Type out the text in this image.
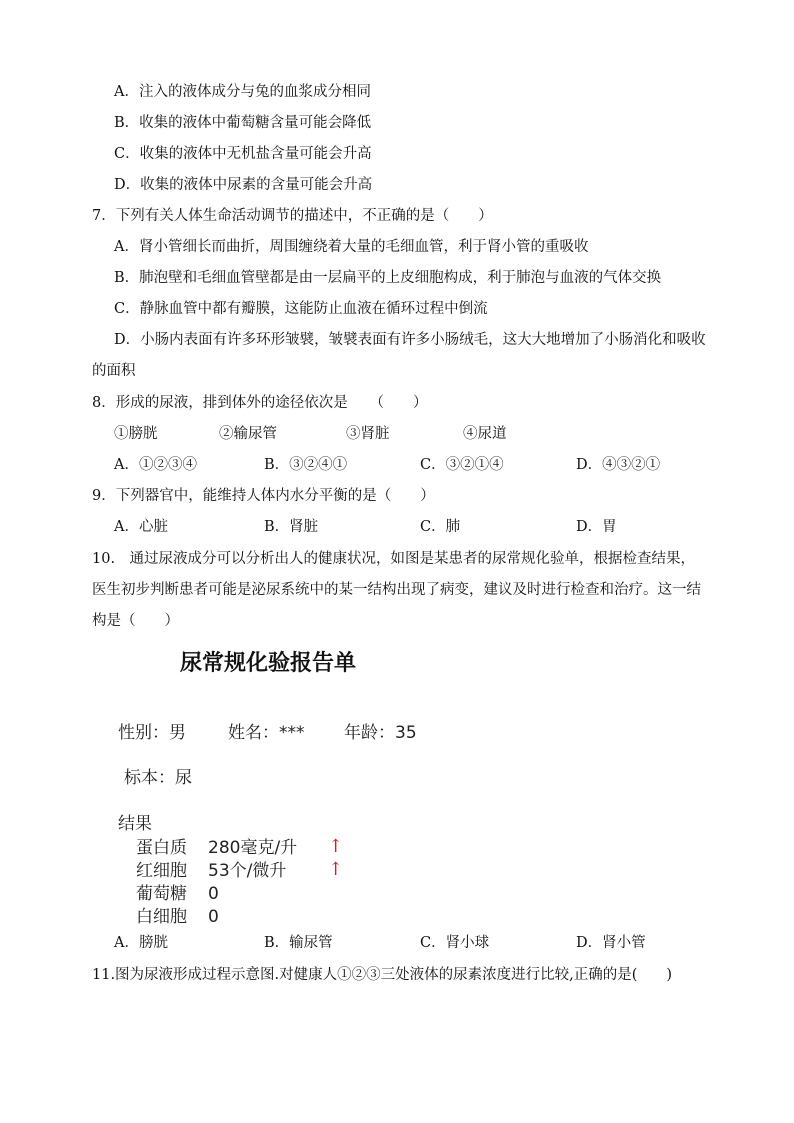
A．注入的液体成分与兔的血浆成分相同
B．收集的液体中葡萄糖含量可能会降低
C．收集的液体中无机盐含量可能会升高
D．收集的液体中尿素的含量可能会升高
7．下列有关人体生命活动调节的描述中，不正确的是（　　）
A．肾小管细长而曲折，周围缠绕着大量的毛细血管，利于肾小管的重吸收
B．肺泡壁和毛细血管壁都是由一层扁平的上皮细胞构成，利于肺泡与血液的气体交换
C．静脉血管中都有瓣膜，这能防止血液在循环过程中倒流
D．小肠内表面有许多环形皱襞，皱襞表面有许多小肠绒毛，这大大地增加了小肠消化和吸收
的面积
8．形成的尿液，排到体外的途径依次是　　（　　）
①膀胱	②输尿管	③肾脏	④尿道
A．①②③④	B．③②④①	C．③②①④	D．④③②①
9．下列器官中，能维持人体内水分平衡的是（　　）
A．心脏	B．肾脏	C．肺	D．胃
10.　通过尿液成分可以分析出人的健康状况，如图是某患者的尿常规化验单，根据检查结果，
医生初步判断患者可能是泌尿系统中的某一结构出现了病变，建议及时进行检查和治疗。这一结
构是（　　）
尿常规化验报告单
性别：男 姓名：*** 年龄：35
标本：尿
结果
蛋白质 280毫克/升 ↑
红细胞 53个/微升 ↑
葡萄糖 0
白细胞 0
A．膀胱	B．输尿管	C．肾小球	D．肾小管
11.图为尿液形成过程示意图.对健康人①②③三处液体的尿素浓度进行比较,正确的是(　　)
